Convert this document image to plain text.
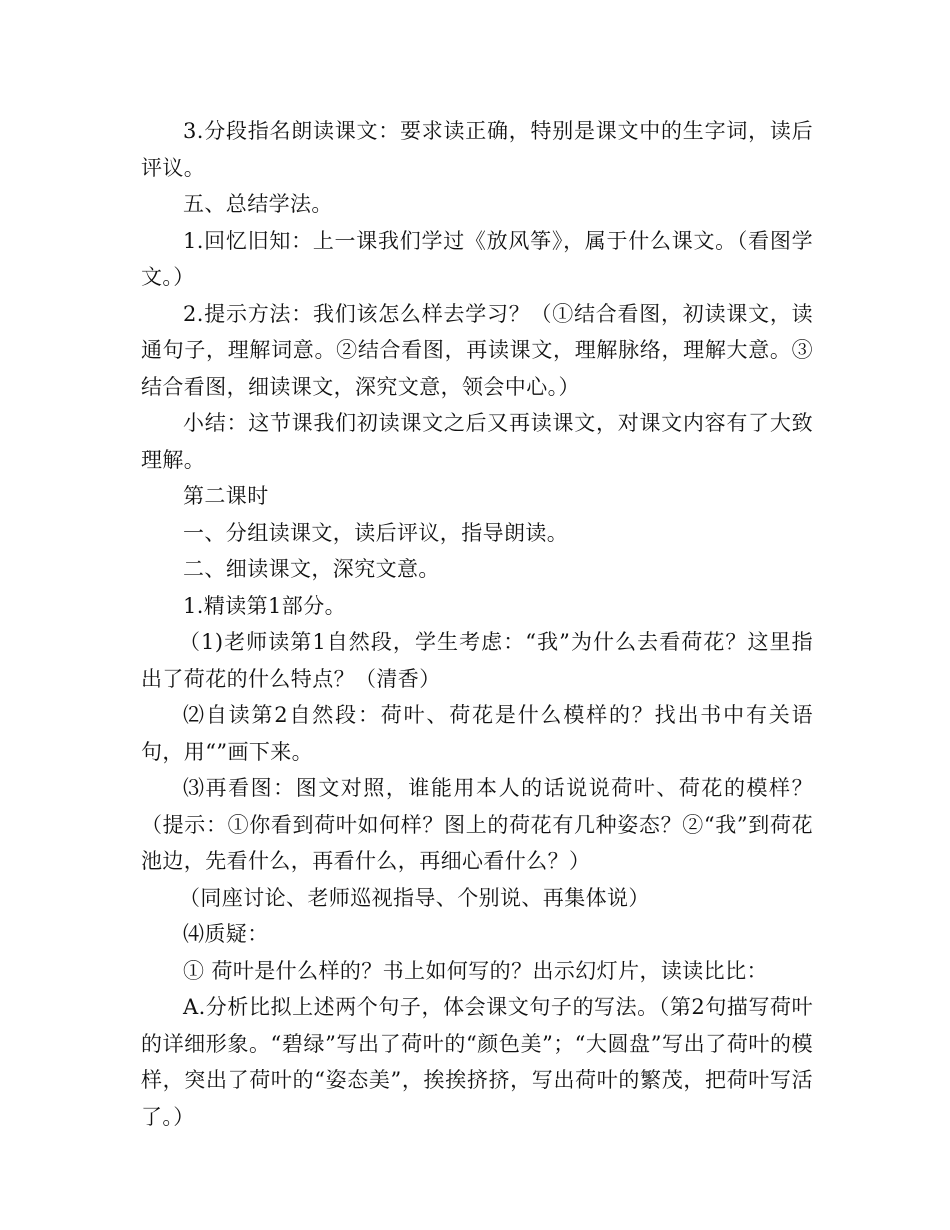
3.分段指名朗读课文：要求读正确，特别是课文中的生字词，读后评议。

五、总结学法。

1.回忆旧知：上一课我们学过《放风筝》，属于什么课文。（看图学文。）

2.提示方法：我们该怎么样去学习？（①结合看图，初读课文，读通句子，理解词意。②结合看图，再读课文，理解脉络，理解大意。③结合看图，细读课文，深究文意，领会中心。）

小结：这节课我们初读课文之后又再读课文，对课文内容有了大致理解。

第二课时

一、分组读课文，读后评议，指导朗读。

二、细读课文，深究文意。

1.精读第1部分。

（1)老师读第1自然段，学生考虑：“我”为什么去看荷花？这里指出了荷花的什么特点？（清香）

⑵自读第2自然段：荷叶、荷花是什么模样的？找出书中有关语句，用“”画下来。

⑶再看图：图文对照，谁能用本人的话说说荷叶、荷花的模样？（提示：①你看到荷叶如何样？图上的荷花有几种姿态？②“我”到荷花池边，先看什么，再看什么，再细心看什么？）

（同座讨论、老师巡视指导、个别说、再集体说）

⑷质疑：

① 荷叶是什么样的？书上如何写的？出示幻灯片，读读比比：

A.分析比拟上述两个句子，体会课文句子的写法。（第2句描写荷叶的详细形象。“碧绿”写出了荷叶的“颜色美”；“大圆盘”写出了荷叶的模样，突出了荷叶的“姿态美”，挨挨挤挤，写出荷叶的繁茂，把荷叶写活了。）
